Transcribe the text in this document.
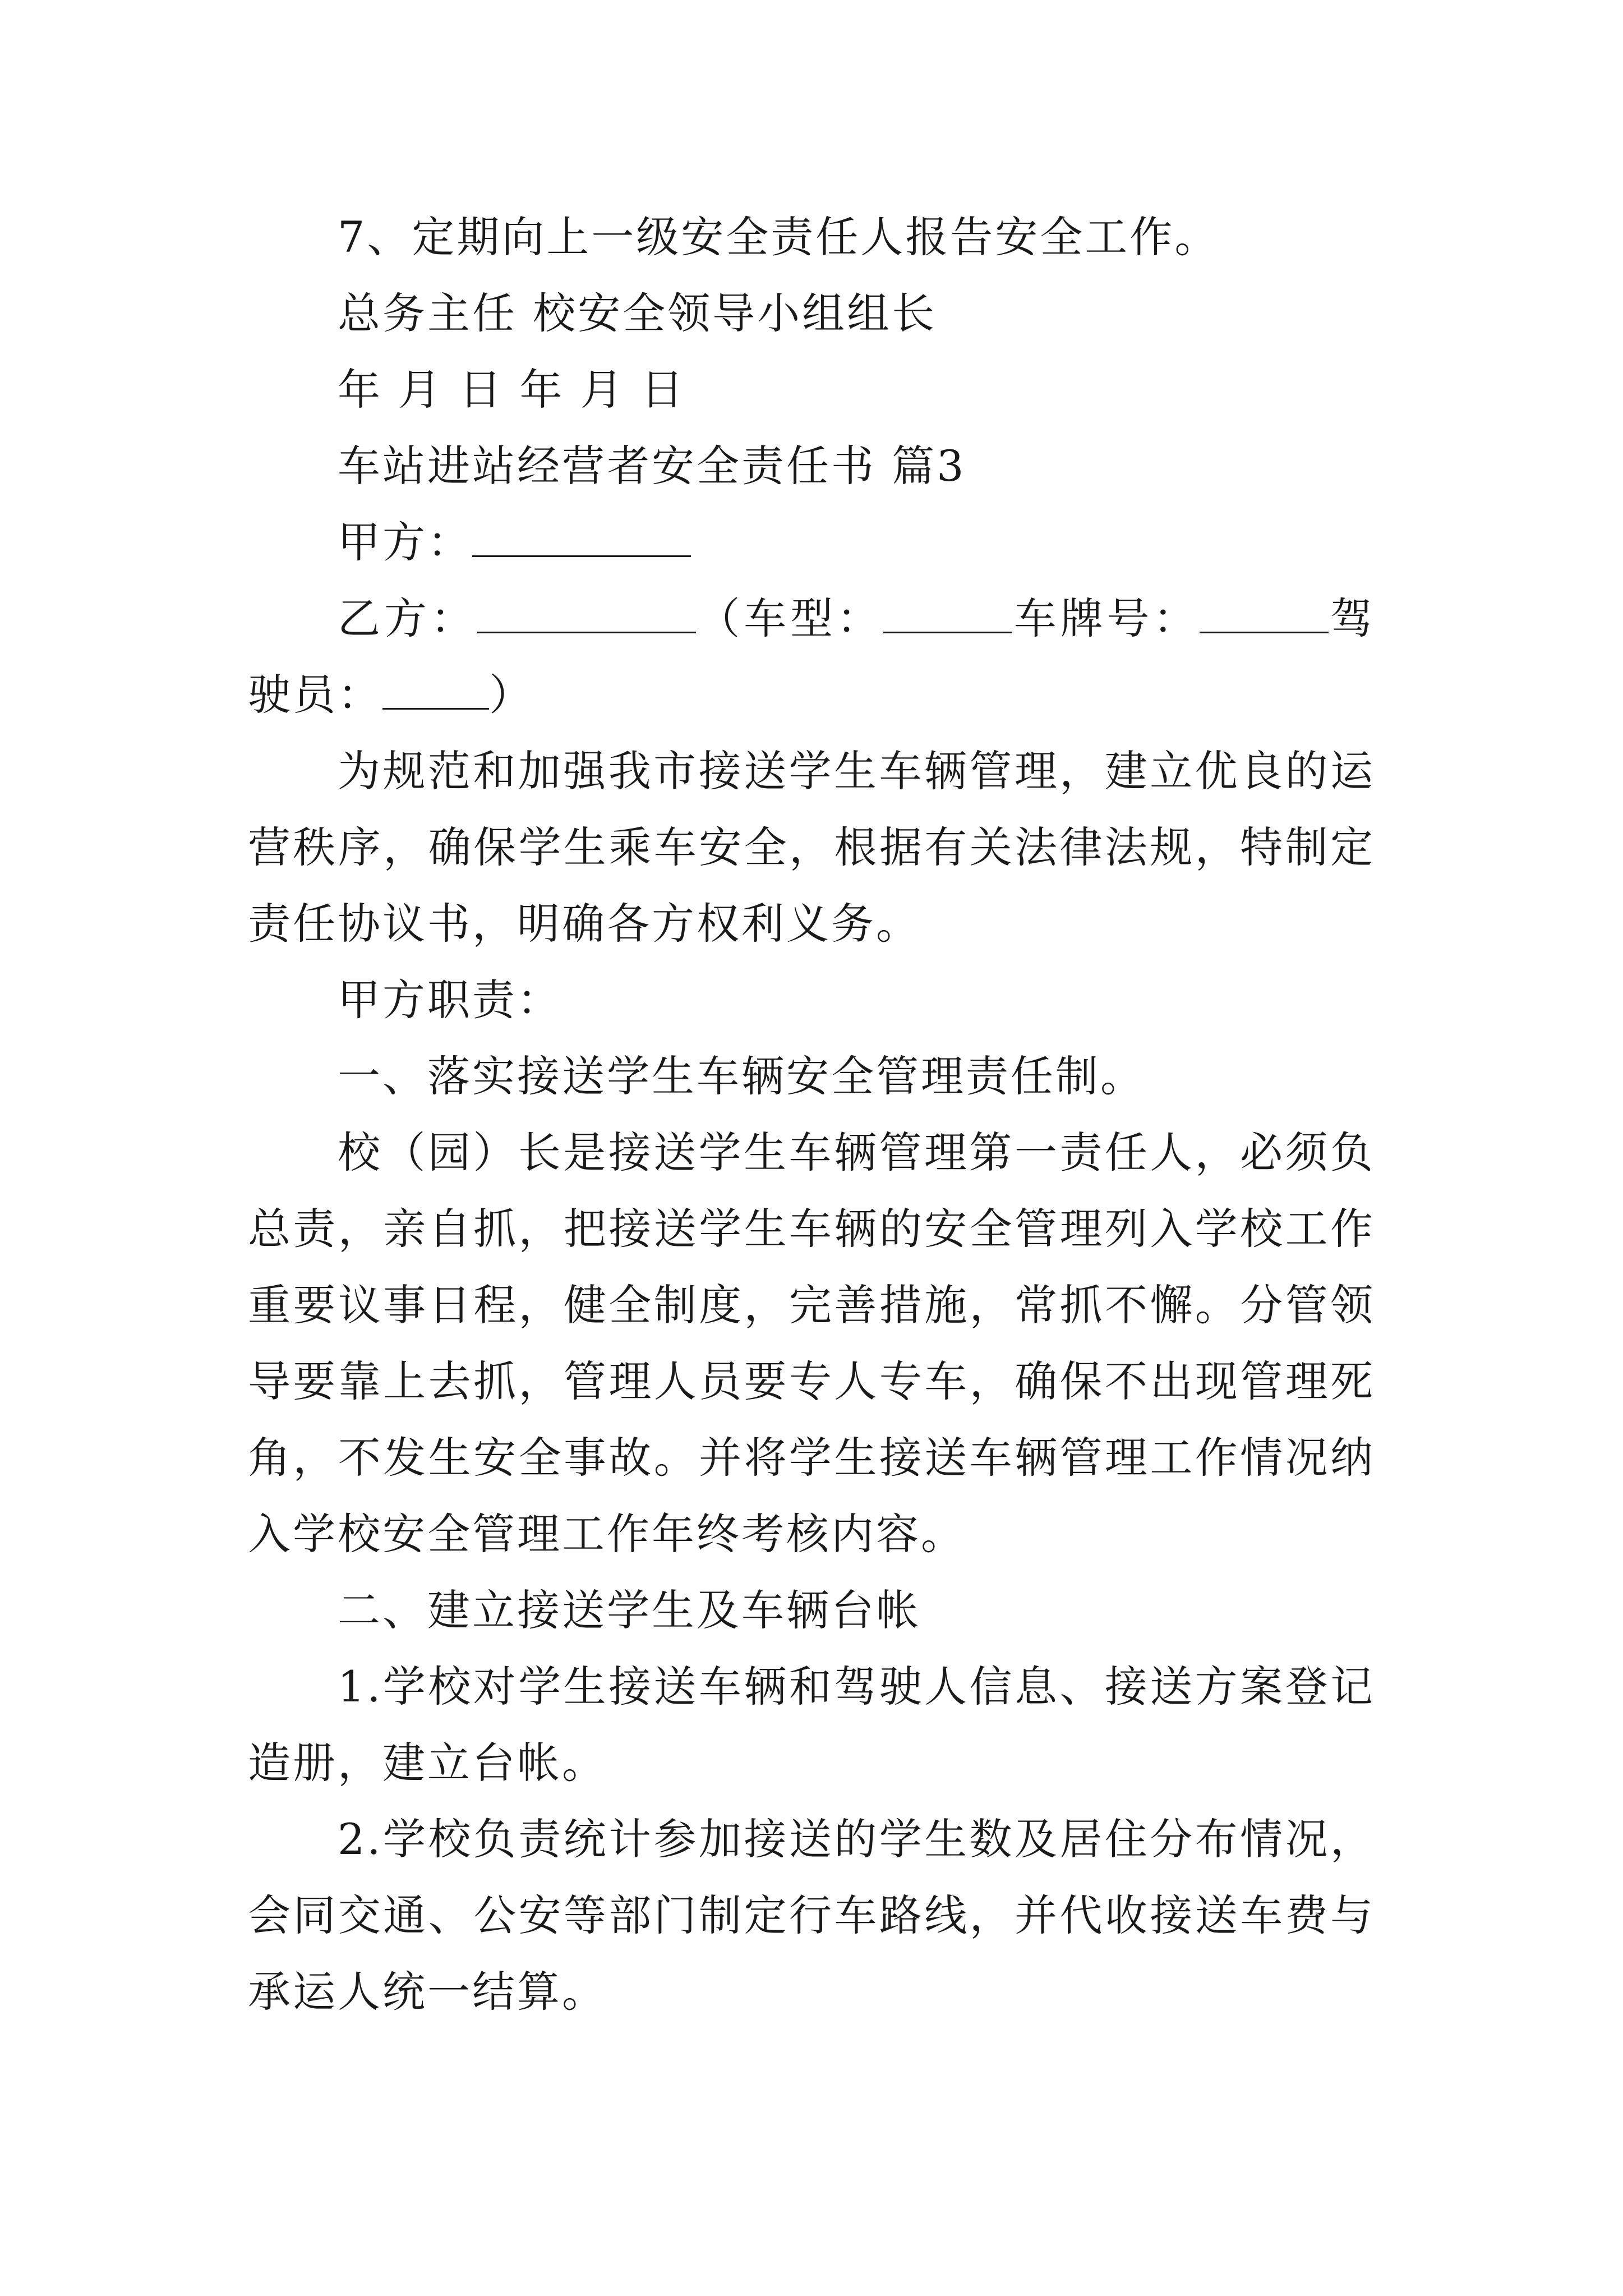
7、定期向上一级安全责任人报告安全工作。

总务主任 校安全领导小组组长

年 月 日 年 月 日

车站进站经营者安全责任书 篇3

甲方：

乙方：	（车型：	车牌号：	驾驶员：	）

为规范和加强我市接送学生车辆管理，建立优良的运营秩序，确保学生乘车安全，根据有关法律法规，特制定责任协议书，明确各方权利义务。

甲方职责：

一、落实接送学生车辆安全管理责任制。

校（园）长是接送学生车辆管理第一责任人，必须负总责，亲自抓，把接送学生车辆的安全管理列入学校工作重要议事日程，健全制度，完善措施，常抓不懈。分管领导要靠上去抓，管理人员要专人专车，确保不出现管理死角，不发生安全事故。并将学生接送车辆管理工作情况纳入学校安全管理工作年终考核内容。

二、建立接送学生及车辆台帐

1.学校对学生接送车辆和驾驶人信息、接送方案登记造册，建立台帐。

2.学校负责统计参加接送的学生数及居住分布情况，会同交通、公安等部门制定行车路线，并代收接送车费与承运人统一结算。
